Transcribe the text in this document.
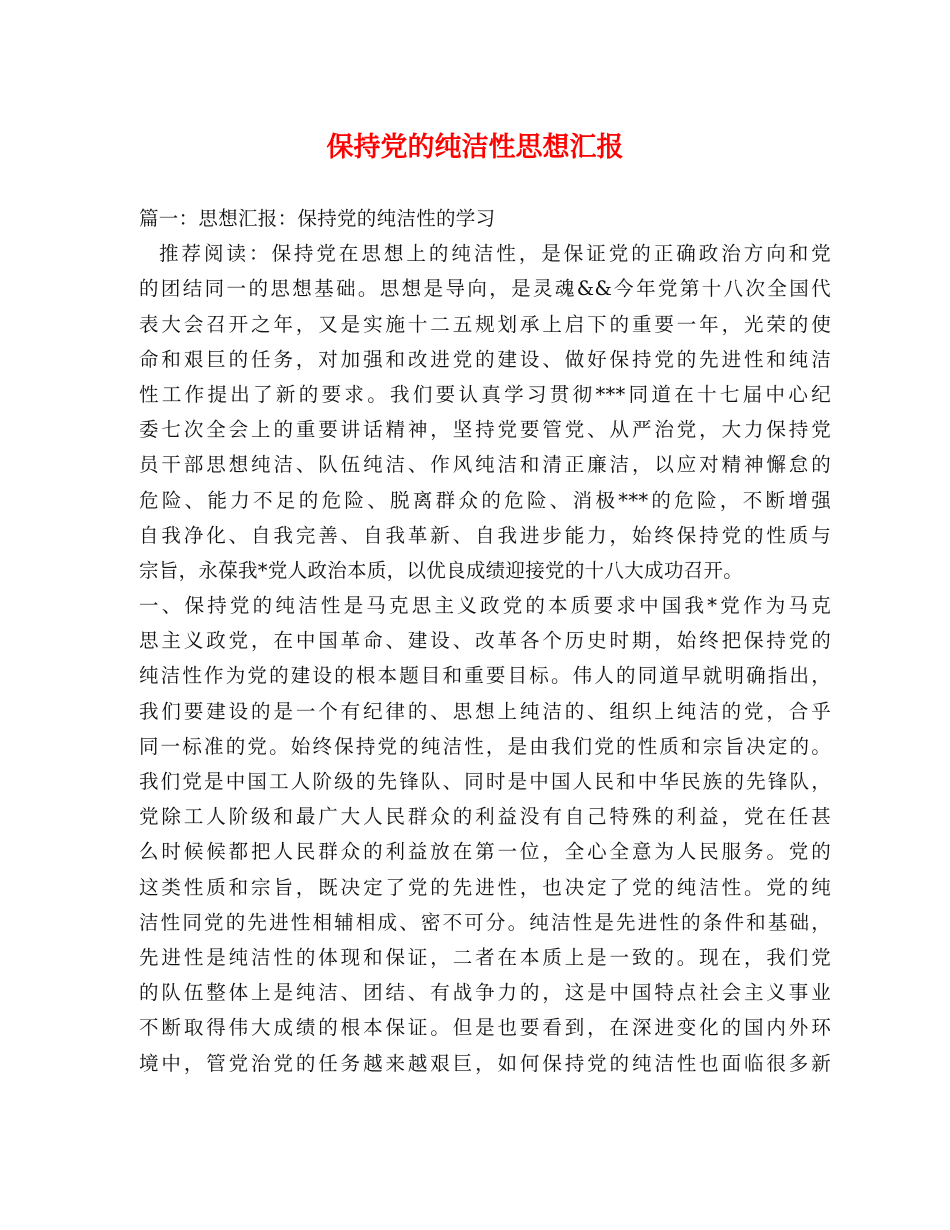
保持党的纯洁性思想汇报
篇一：思想汇报：保持党的纯洁性的学习
推荐阅读：保持党在思想上的纯洁性，是保证党的正确政治方向和党
的团结同一的思想基础。思想是导向，是灵魂&&今年党第十八次全国代
表大会召开之年，又是实施十二五规划承上启下的重要一年，光荣的使
命和艰巨的任务，对加强和改进党的建设、做好保持党的先进性和纯洁
性工作提出了新的要求。我们要认真学习贯彻***同道在十七届中心纪
委七次全会上的重要讲话精神，坚持党要管党、从严治党，大力保持党
员干部思想纯洁、队伍纯洁、作风纯洁和清正廉洁，以应对精神懈怠的
危险、能力不足的危险、脱离群众的危险、消极***的危险，不断增强
自我净化、自我完善、自我革新、自我进步能力，始终保持党的性质与
宗旨，永葆我*党人政治本质，以优良成绩迎接党的十八大成功召开。
一、保持党的纯洁性是马克思主义政党的本质要求中国我*党作为马克
思主义政党，在中国革命、建设、改革各个历史时期，始终把保持党的
纯洁性作为党的建设的根本题目和重要目标。伟人的同道早就明确指出，
我们要建设的是一个有纪律的、思想上纯洁的、组织上纯洁的党，合乎
同一标准的党。始终保持党的纯洁性，是由我们党的性质和宗旨决定的。
我们党是中国工人阶级的先锋队、同时是中国人民和中华民族的先锋队，
党除工人阶级和最广大人民群众的利益没有自己特殊的利益，党在任甚
么时候候都把人民群众的利益放在第一位，全心全意为人民服务。党的
这类性质和宗旨，既决定了党的先进性，也决定了党的纯洁性。党的纯
洁性同党的先进性相辅相成、密不可分。纯洁性是先进性的条件和基础，
先进性是纯洁性的体现和保证，二者在本质上是一致的。现在，我们党
的队伍整体上是纯洁、团结、有战争力的，这是中国特点社会主义事业
不断取得伟大成绩的根本保证。但是也要看到，在深进变化的国内外环
境中，管党治党的任务越来越艰巨，如何保持党的纯洁性也面临很多新
